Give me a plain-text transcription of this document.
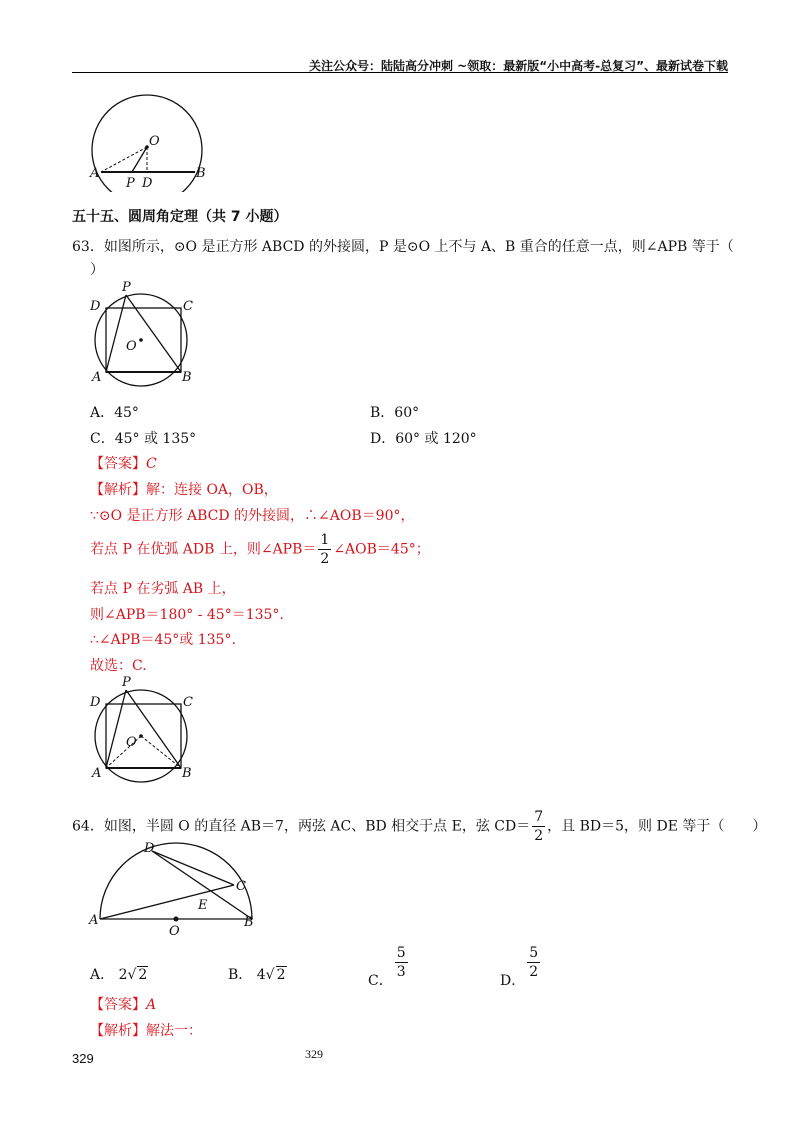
关注公众号：陆陆高分冲刺 ~领取：最新版“小中高考-总复习”、最新试卷下载
O
A
P D
B
五十五、圆周角定理（共 7 小题）
63．如图所示，⊙O 是正方形 ABCD 的外接圆，P 是⊙O 上不与 A、B 重合的任意一点，则∠APB 等于（
）
P
D	C
O
A	B
A．45°	B．60°
C．45° 或 135°	D．60° 或 120°
【答案】C
【解析】解：连接 OA，OB，
∵⊙O 是正方形 ABCD 的外接圆，∴∠AOB＝90°，
若点 P 在优弧 ADB 上，则∠APB＝ $\frac{1}{2}$ ∠AOB＝45°；
若点 P 在劣弧 AB 上，
则∠APB＝180° - 45°＝135°.
∴∠APB＝45°或 135°.
故选：C.
P
D	C
O
A	B
64．如图，半圆 O 的直径 AB＝7，两弦 AC、BD 相交于点 E，弦 $CD= \frac{7}{2}$ ，且 BD＝5，则 DE 等于（　　）
D
C
E
A
O
B
A． 2√ 2	B． 4√ 2	C．
$\frac{5}{3}$
D．
$\frac{5}{2}$
【答案】A
【解析】解法一：
329	329
